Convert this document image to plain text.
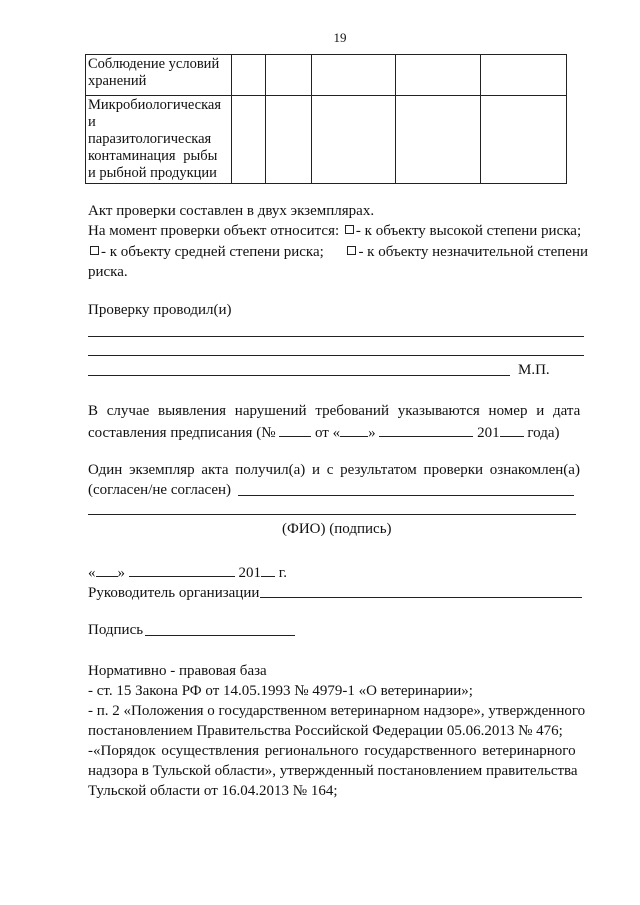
19
Соблюдение условий
хранений					

Микробиологическая
и
паразитологическая
контаминация рыбы
и рыбной продукции					

Акт проверки составлен в двух экземплярах.
На момент проверки объект относится: - к объекту высокой степени риска;
- к объекту средней степени риска;	- к объекту незначительной степени
риска.
Проверку проводил(и)
М.П.
В случае выявления нарушений требований указываются номер и дата
составления предписания (№	от « »	201 года)
Один экземпляр акта получил(а) и с результатом проверки ознакомлен(а)
(согласен/не согласен)
(ФИО) (подпись)
« »	201 г.
Руководитель организации
Подпись
Нормативно - правовая база
- ст. 15 Закона РФ от 14.05.1993 № 4979-1 «О ветеринарии»;
- п. 2 «Положения о государственном ветеринарном надзоре», утвержденного
постановлением Правительства Российской Федерации 05.06.2013 № 476;
-«Порядок осуществления регионального государственного ветеринарного
надзора в Тульской области», утвержденный постановлением правительства
Тульской области от 16.04.2013 № 164;
